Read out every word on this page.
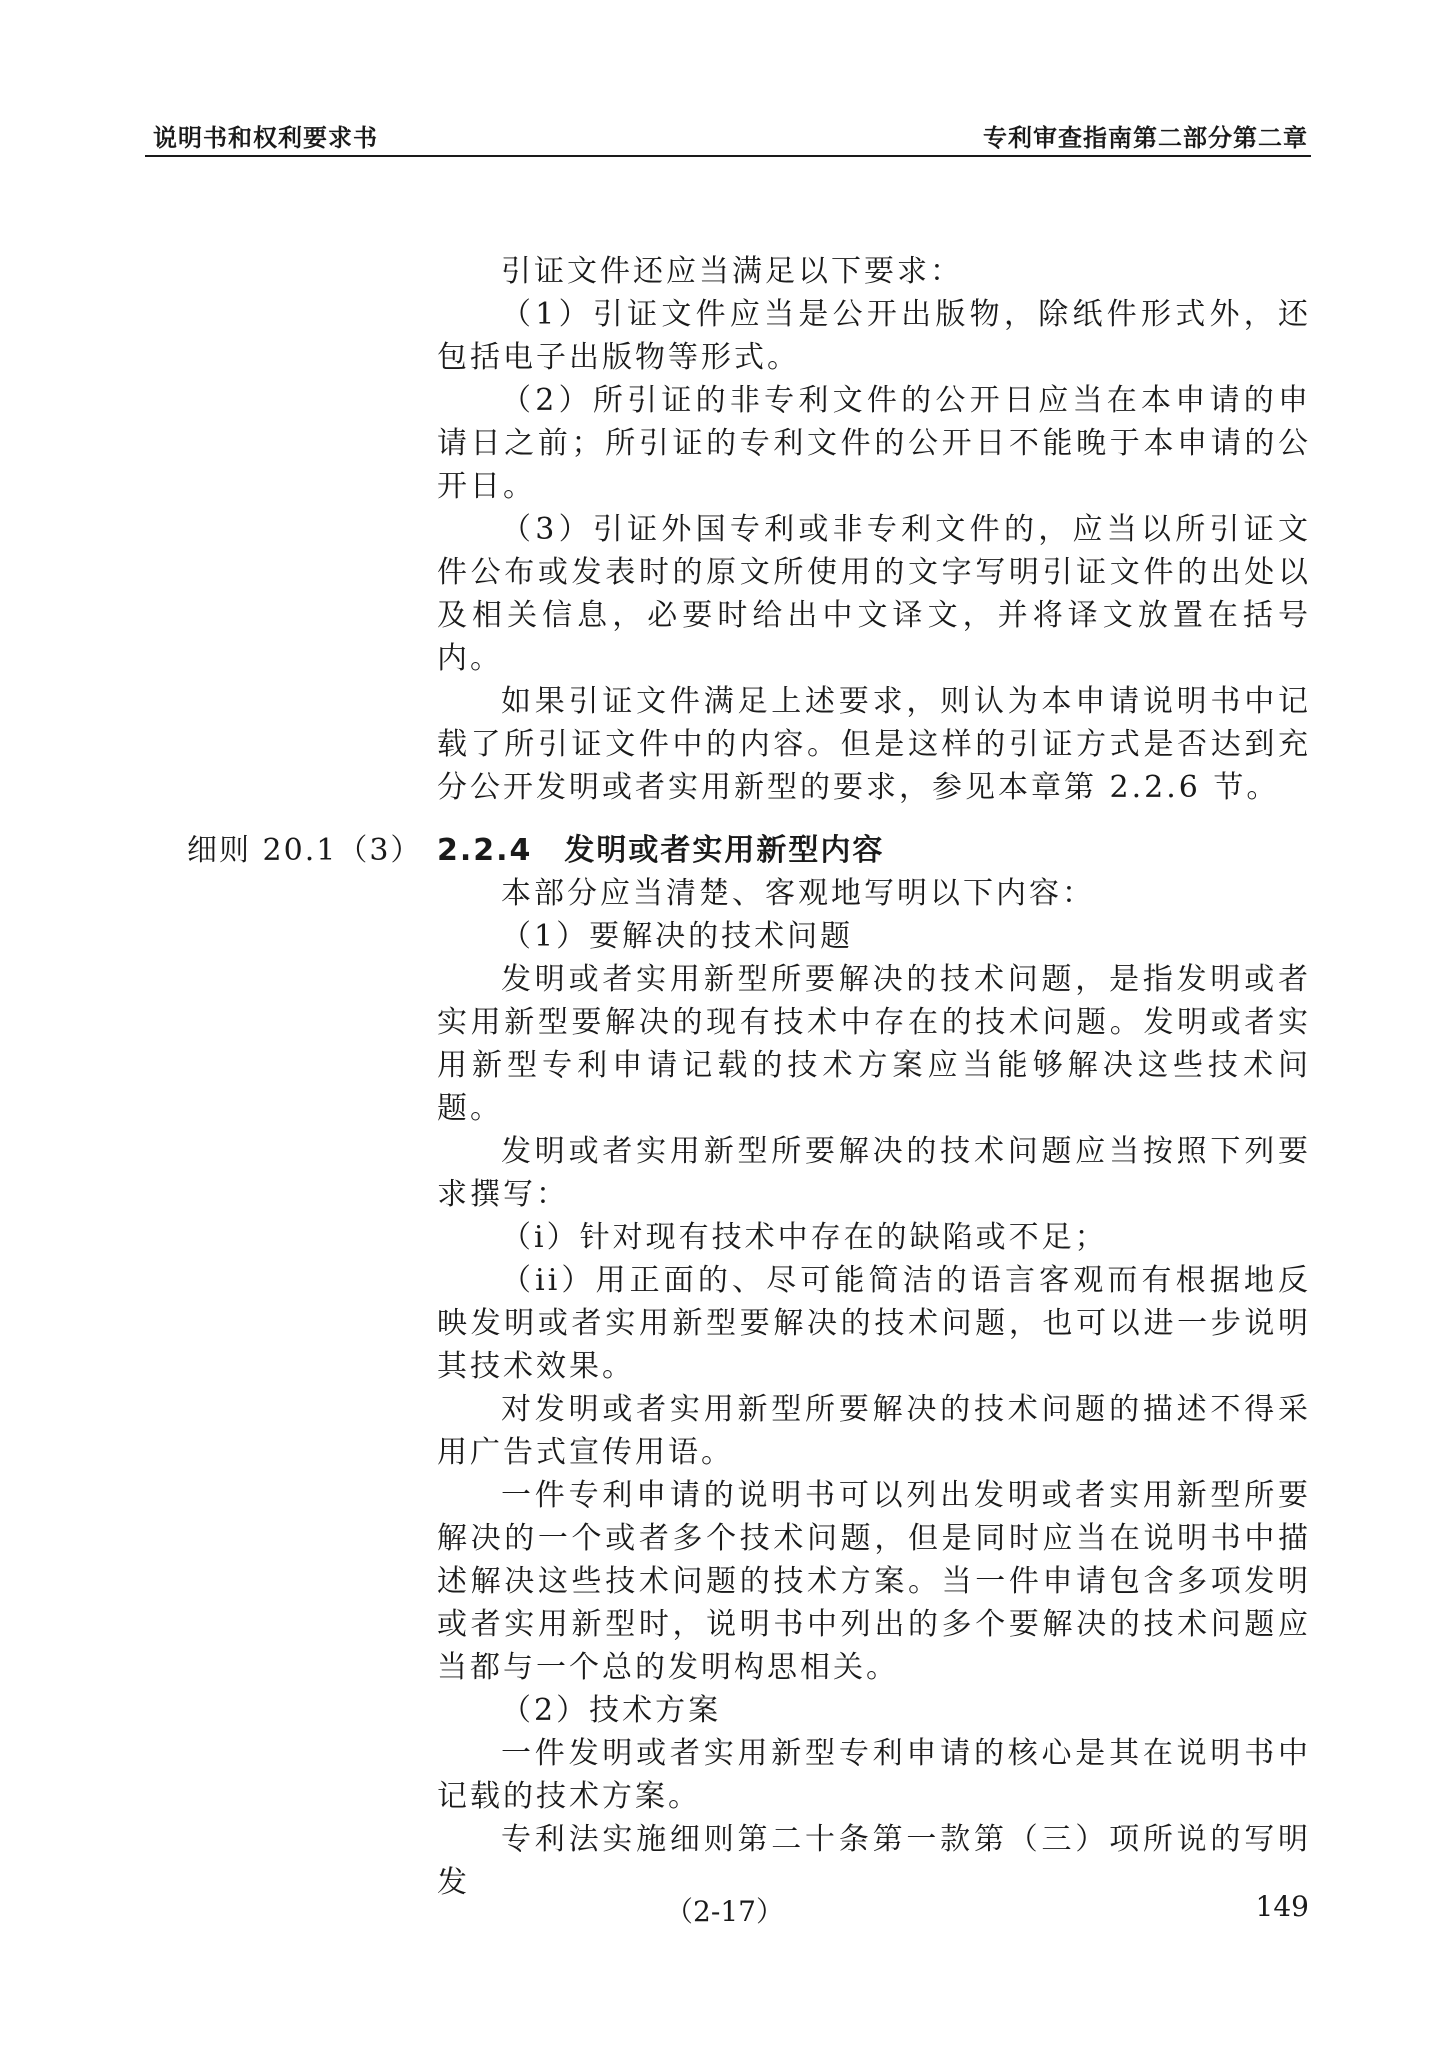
说明书和权利要求书	专利审查指南第二部分第二章

引证文件还应当满足以下要求：

（1）引证文件应当是公开出版物，除纸件形式外，还包括电子出版物等形式。

（2）所引证的非专利文件的公开日应当在本申请的申请日之前；所引证的专利文件的公开日不能晚于本申请的公开日。

（3）引证外国专利或非专利文件的，应当以所引证文件公布或发表时的原文所使用的文字写明引证文件的出处以及相关信息，必要时给出中文译文，并将译文放置在括号内。

如果引证文件满足上述要求，则认为本申请说明书中记载了所引证文件中的内容。但是这样的引证方式是否达到充分公开发明或者实用新型的要求，参见本章第 2.2.6 节。

细则 20.1（3） 2.2.4　发明或者实用新型内容

本部分应当清楚、客观地写明以下内容：

（1）要解决的技术问题

发明或者实用新型所要解决的技术问题，是指发明或者实用新型要解决的现有技术中存在的技术问题。发明或者实用新型专利申请记载的技术方案应当能够解决这些技术问题。

发明或者实用新型所要解决的技术问题应当按照下列要求撰写：

（i）针对现有技术中存在的缺陷或不足；

（ii）用正面的、尽可能简洁的语言客观而有根据地反映发明或者实用新型要解决的技术问题，也可以进一步说明其技术效果。

对发明或者实用新型所要解决的技术问题的描述不得采用广告式宣传用语。

一件专利申请的说明书可以列出发明或者实用新型所要解决的一个或者多个技术问题，但是同时应当在说明书中描述解决这些技术问题的技术方案。当一件申请包含多项发明或者实用新型时，说明书中列出的多个要解决的技术问题应当都与一个总的发明构思相关。

（2）技术方案

一件发明或者实用新型专利申请的核心是其在说明书中记载的技术方案。

专利法实施细则第二十条第一款第（三）项所说的写明发

（2-17）	149
